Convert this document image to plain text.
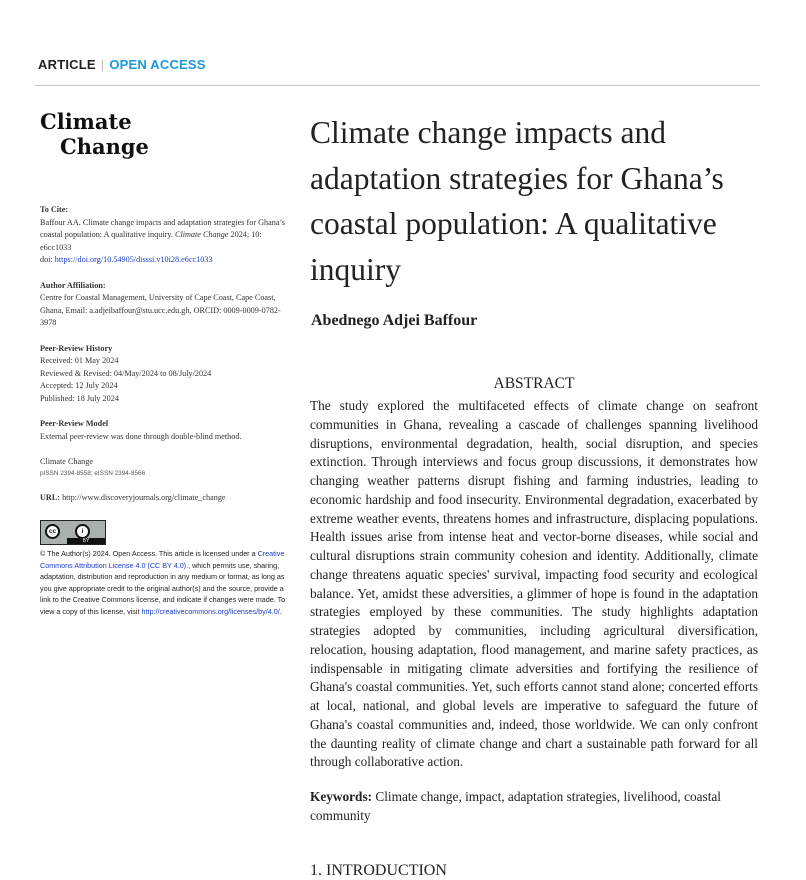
ARTICLE | OPEN ACCESS
Climate
Change
To Cite:
Baffour AA. Climate change impacts and adaptation strategies for Ghana’s coastal population: A qualitative inquiry. Climate Change 2024; 10: e6cc1033
doi: https://doi.org/10.54905/disssi.v10i28.e6cc1033
Author Affiliation:
Centre for Coastal Management, University of Cape Coast, Cape Coast, Ghana, Email: a.adjeibaffour@stu.ucc.edu.gh, ORCID: 0009-0009-0782-3978
Peer-Review History
Received: 01 May 2024
Reviewed & Revised: 04/May/2024 to 08/July/2024
Accepted: 12 July 2024
Published: 18 July 2024
Peer-Review Model
External peer-review was done through double-blind method.
Climate Change
pISSN 2394-8558; eISSN 2394-8566
URL: http://www.discoveryjournals.org/climate_change
cc	i
BY
© The Author(s) 2024. Open Access. This article is licensed under a Creative Commons Attribution License 4.0 (CC BY 4.0)., which permits use, sharing, adaptation, distribution and reproduction in any medium or format, as long as you give appropriate credit to the original author(s) and the source, provide a link to the Creative Commons license, and indicate if changes were made. To view a copy of this license, visit http://creativecommons.org/licenses/by/4.0/.
Climate change impacts and adaptation strategies for Ghana’s coastal population: A qualitative inquiry
Abednego Adjei Baffour
ABSTRACT
The study explored the multifaceted effects of climate change on seafront communities in Ghana, revealing a cascade of challenges spanning livelihood disruptions, environmental degradation, health, social disruption, and species extinction. Through interviews and focus group discussions, it demonstrates how changing weather patterns disrupt fishing and farming industries, leading to economic hardship and food insecurity. Environmental degradation, exacerbated by extreme weather events, threatens homes and infrastructure, displacing populations. Health issues arise from intense heat and vector-borne diseases, while social and cultural disruptions strain community cohesion and identity. Additionally, climate change threatens aquatic species' survival, impacting food security and ecological balance. Yet, amidst these adversities, a glimmer of hope is found in the adaptation strategies employed by these communities. The study highlights adaptation strategies adopted by communities, including agricultural diversification, relocation, housing adaptation, flood management, and marine safety practices, as indispensable in mitigating climate adversities and fortifying the resilience of Ghana's coastal communities. Yet, such efforts cannot stand alone; concerted efforts at local, national, and global levels are imperative to safeguard the future of Ghana's coastal communities and, indeed, those worldwide. We can only confront the daunting reality of climate change and chart a sustainable path forward for all through collaborative action.
Keywords: Climate change, impact, adaptation strategies, livelihood, coastal community
1. INTRODUCTION
